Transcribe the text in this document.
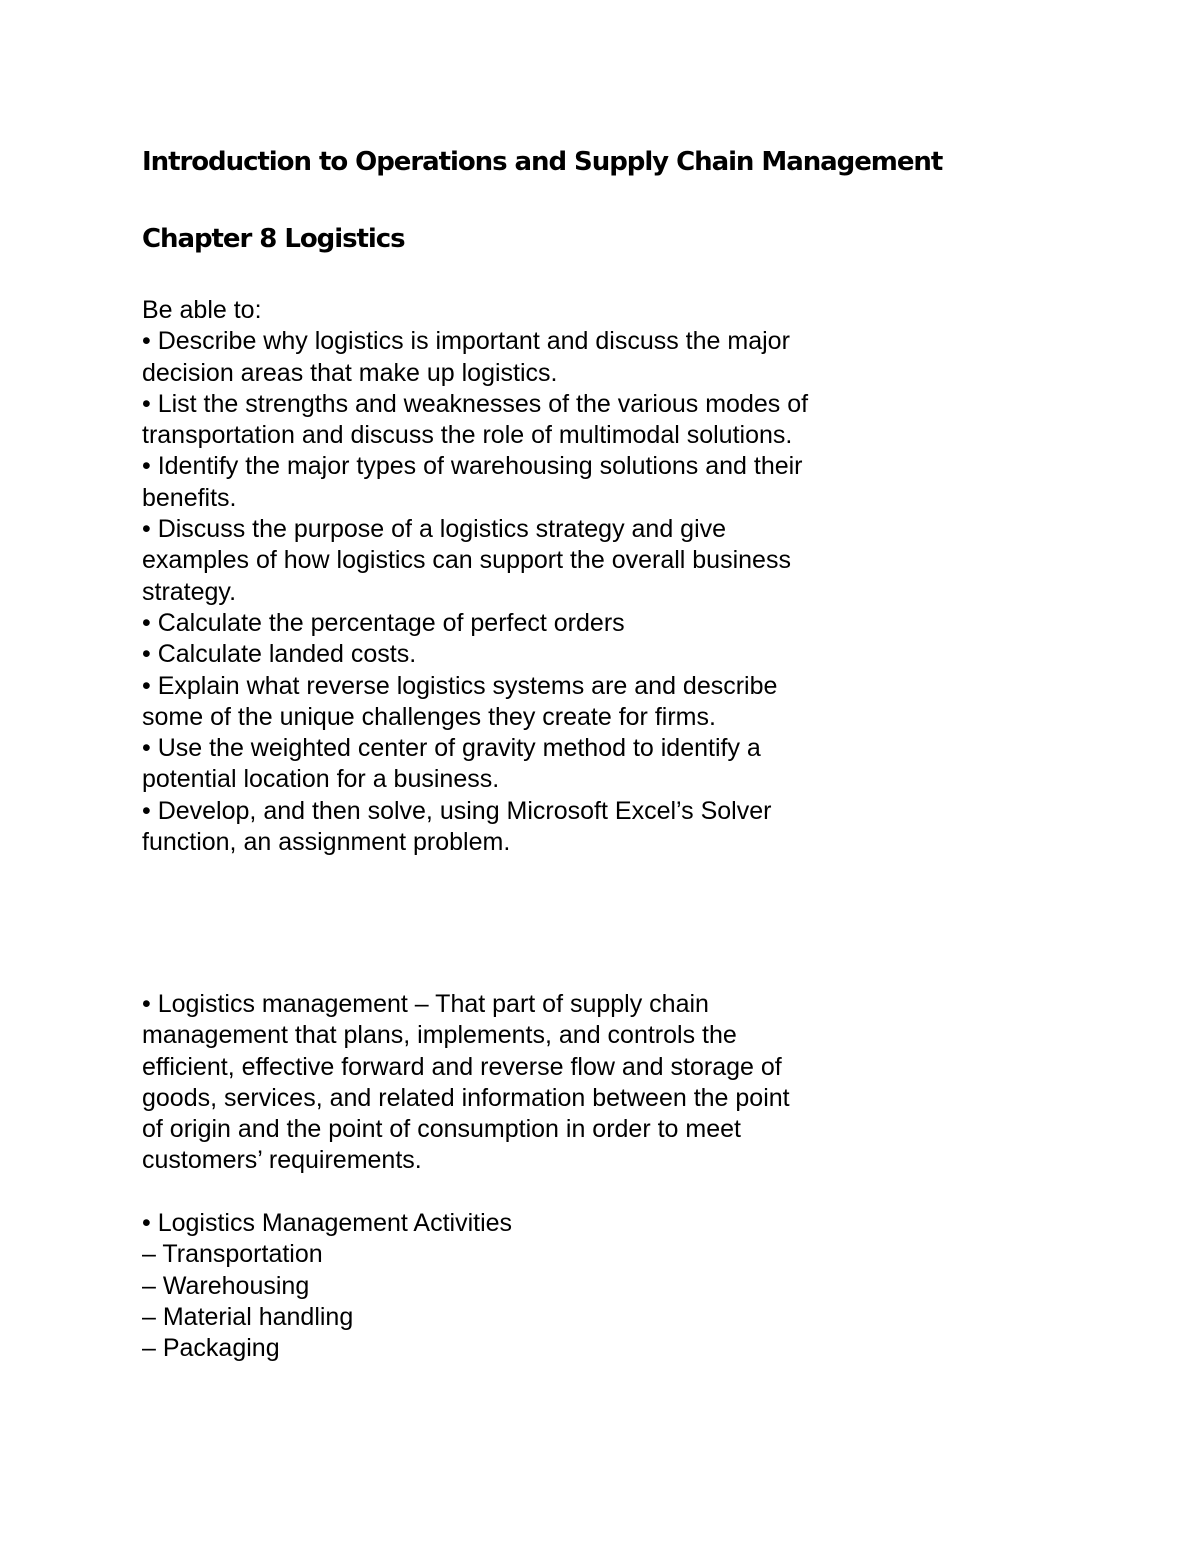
Introduction to Operations and Supply Chain Management
Chapter 8 Logistics
Be able to:
• Describe why logistics is important and discuss the major
decision areas that make up logistics.
• List the strengths and weaknesses of the various modes of
transportation and discuss the role of multimodal solutions.
• Identify the major types of warehousing solutions and their
benefits.
• Discuss the purpose of a logistics strategy and give
examples of how logistics can support the overall business
strategy.
• Calculate the percentage of perfect orders
• Calculate landed costs.
• Explain what reverse logistics systems are and describe
some of the unique challenges they create for firms.
• Use the weighted center of gravity method to identify a
potential location for a business.
• Develop, and then solve, using Microsoft Excel’s Solver
function, an assignment problem.
• Logistics management – That part of supply chain
management that plans, implements, and controls the
efficient, effective forward and reverse flow and storage of
goods, services, and related information between the point
of origin and the point of consumption in order to meet
customers’ requirements.
• Logistics Management Activities
– Transportation
– Warehousing
– Material handling
– Packaging
